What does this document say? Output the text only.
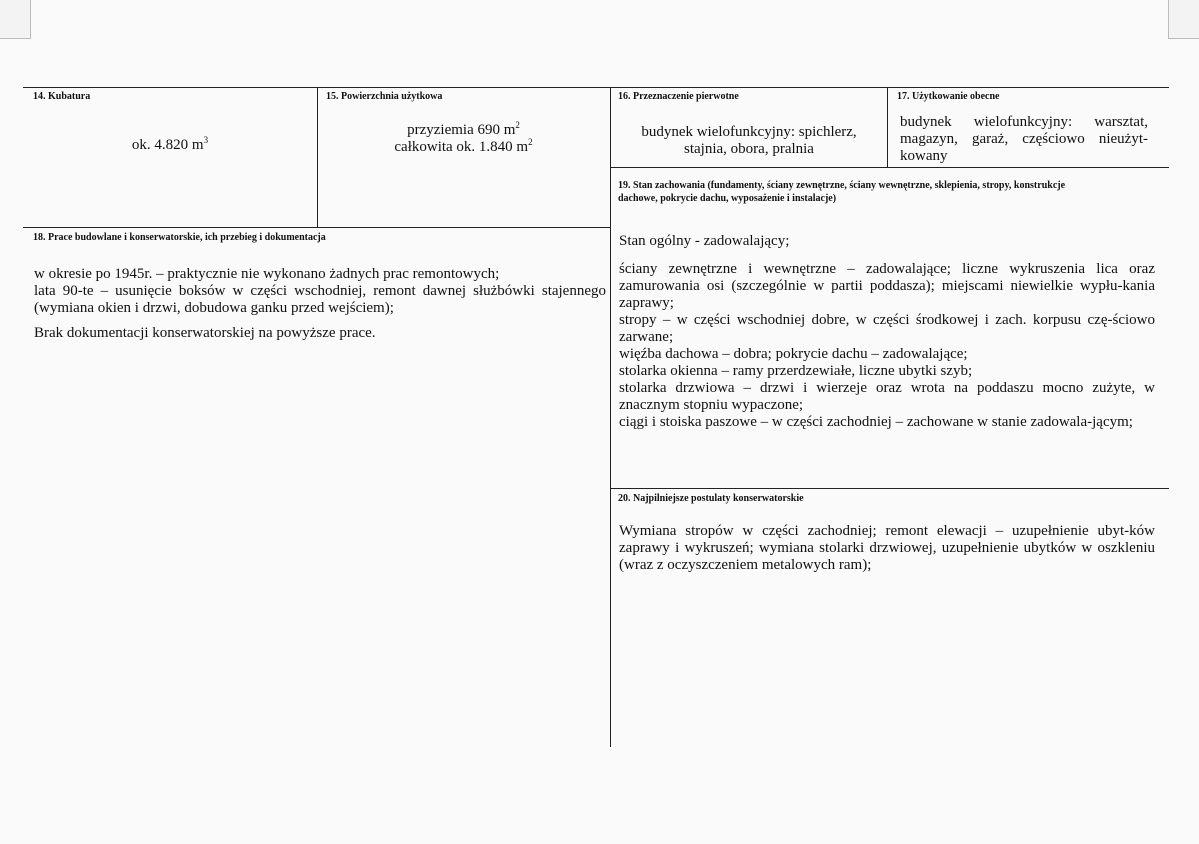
14. Kubatura
ok. 4.820 $m^3$
15. Powierzchnia użytkowa
przyziemia 690 $m^2$
całkowita ok. 1.840 $m^2$
16. Przeznaczenie pierwotne
budynek wielofunkcyjny: spichlerz, stajnia, obora, pralnia
17. Użytkowanie obecne
budynek wielofunkcyjny: warsztat, magazyn, garaż, częściowo nieużyt-kowany
19. Stan zachowania (fundamenty, ściany zewnętrzne, ściany wewnętrzne, sklepienia, stropy, konstrukcje dachowe, pokrycie dachu, wyposażenie i instalacje)
Stan ogólny - zadowalający;

ściany zewnętrzne i wewnętrzne – zadowalające; liczne wykruszenia lica oraz zamurowania osi (szczególnie w partii poddasza); miejscami niewielkie wypłu-kania zaprawy;

stropy – w części wschodniej dobre, w części środkowej i zach. korpusu czę-ściowo zarwane;

więźba dachowa – dobra; pokrycie dachu – zadowalające;

stolarka okienna – ramy przerdzewiałe, liczne ubytki szyb;

stolarka drzwiowa – drzwi i wierzeje oraz wrota na poddaszu mocno zużyte, w znacznym stopniu wypaczone;

ciągi i stoiska paszowe – w części zachodniej – zachowane w stanie zadowala-jącym;

18. Prace budowlane i konserwatorskie, ich przebieg i dokumentacja

w okresie po 1945r. – praktycznie nie wykonano żadnych prac remontowych;

lata 90-te – usunięcie boksów w części wschodniej, remont dawnej służbówki stajennego (wymiana okien i drzwi, dobudowa ganku przed wejściem);

Brak dokumentacji konserwatorskiej na powyższe prace.

20. Najpilniejsze postulaty konserwatorskie
Wymiana stropów w części zachodniej; remont elewacji – uzupełnienie ubyt-ków zaprawy i wykruszeń; wymiana stolarki drzwiowej, uzupełnienie ubytków w oszkleniu (wraz z oczyszczeniem metalowych ram);
